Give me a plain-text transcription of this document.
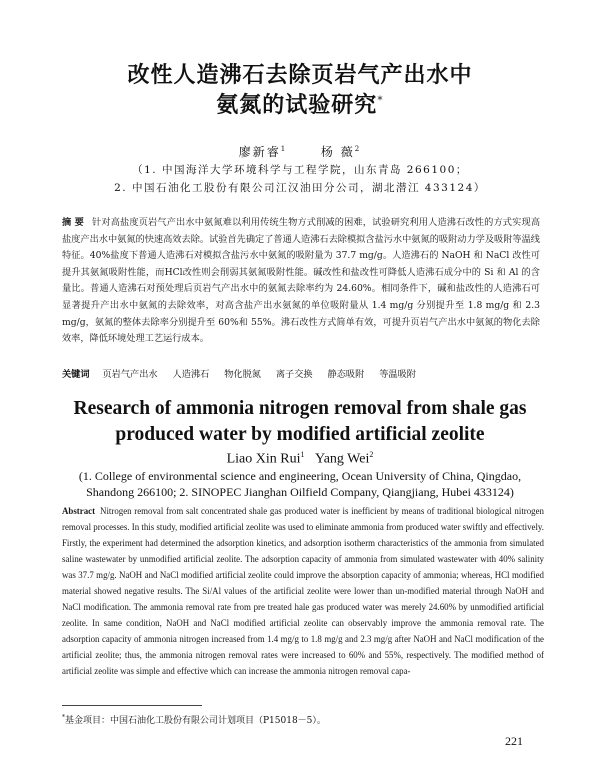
改性人造沸石去除页岩气产出水中
氨氮的试验研究*
廖新睿$^1$	杨 薇$^2$
（1. 中国海洋大学环境科学与工程学院，山东青岛 266100；
2. 中国石油化工股份有限公司江汉油田分公司，湖北潜江 433124）
摘 要 针对高盐度页岩气产出水中氨氮难以利用传统生物方式削减的困难，试验研究利用人造沸石改性的方式实现高盐度产出水中氨氮的快速高效去除。试验首先确定了普通人造沸石去除模拟含盐污水中氨氮的吸附动力学及吸附等温线特征。40%盐度下普通人造沸石对模拟含盐污水中氨氮的吸附量为 37.7 mg/g。人造沸石的 NaOH 和 NaCl 改性可提升其氨氮吸附性能，而HCl改性则会削弱其氨氮吸附性能。碱改性和盐改性可降低人造沸石成分中的 Si 和 Al 的含量比。普通人造沸石对预处理后页岩气产出水中的氨氮去除率约为 24.60%。相同条件下，碱和盐改性的人造沸石可显著提升产出水中氨氮的去除效率，对高含盐产出水氨氮的单位吸附量从 1.4 mg/g 分别提升至 1.8 mg/g 和 2.3 mg/g，氨氮的整体去除率分别提升至 60%和 55%。沸石改性方式简单有效，可提升页岩气产出水中氨氮的物化去除效率，降低环境处理工艺运行成本。
关键词 页岩气产出水 人造沸石 物化脱氮 离子交换 静态吸附 等温吸附
Research of ammonia nitrogen removal from shale gas
produced water by modified artificial zeolite
Liao Xin Rui$^1$ Yang Wei$^2$
(1. College of environmental science and engineering, Ocean University of China, Qingdao,
Shandong 266100; 2. SINOPEC Jianghan Oilfield Company, Qiangjiang, Hubei 433124)
Abstract Nitrogen removal from salt concentrated shale gas produced water is inefficient by means of traditional biological nitrogen removal processes. In this study, modified artificial zeolite was used to eliminate ammonia from produced water swiftly and effectively. Firstly, the experiment had determined the adsorption kinetics, and adsorption isotherm characteristics of the ammonia from simulated saline wastewater by unmodified artificial zeolite. The adsorption capacity of ammonia from simulated wastewater with 40% salinity was 37.7 mg/g. NaOH and NaCl modified artificial zeolite could improve the absorption capacity of ammonia; whereas, HCl modified material showed negative results. The Si/Al values of the artificial zeolite were lower than un-modified material through NaOH and NaCl modification. The ammonia removal rate from pre treated hale gas produced water was merely 24.60% by unmodified artificial zeolite. In same condition, NaOH and NaCl modified artificial zeolite can observably improve the ammonia removal rate. The adsorption capacity of ammonia nitrogen increased from 1.4 mg/g to 1.8 mg/g and 2.3 mg/g after NaOH and NaCl modification of the artificial zeolite; thus, the ammonia nitrogen removal rates were increased to 60% and 55%, respectively. The modified method of artificial zeolite was simple and effective which can increase the ammonia nitrogen removal capa-
*基金项目：中国石油化工股份有限公司计划项目（P15018－5）。
221
